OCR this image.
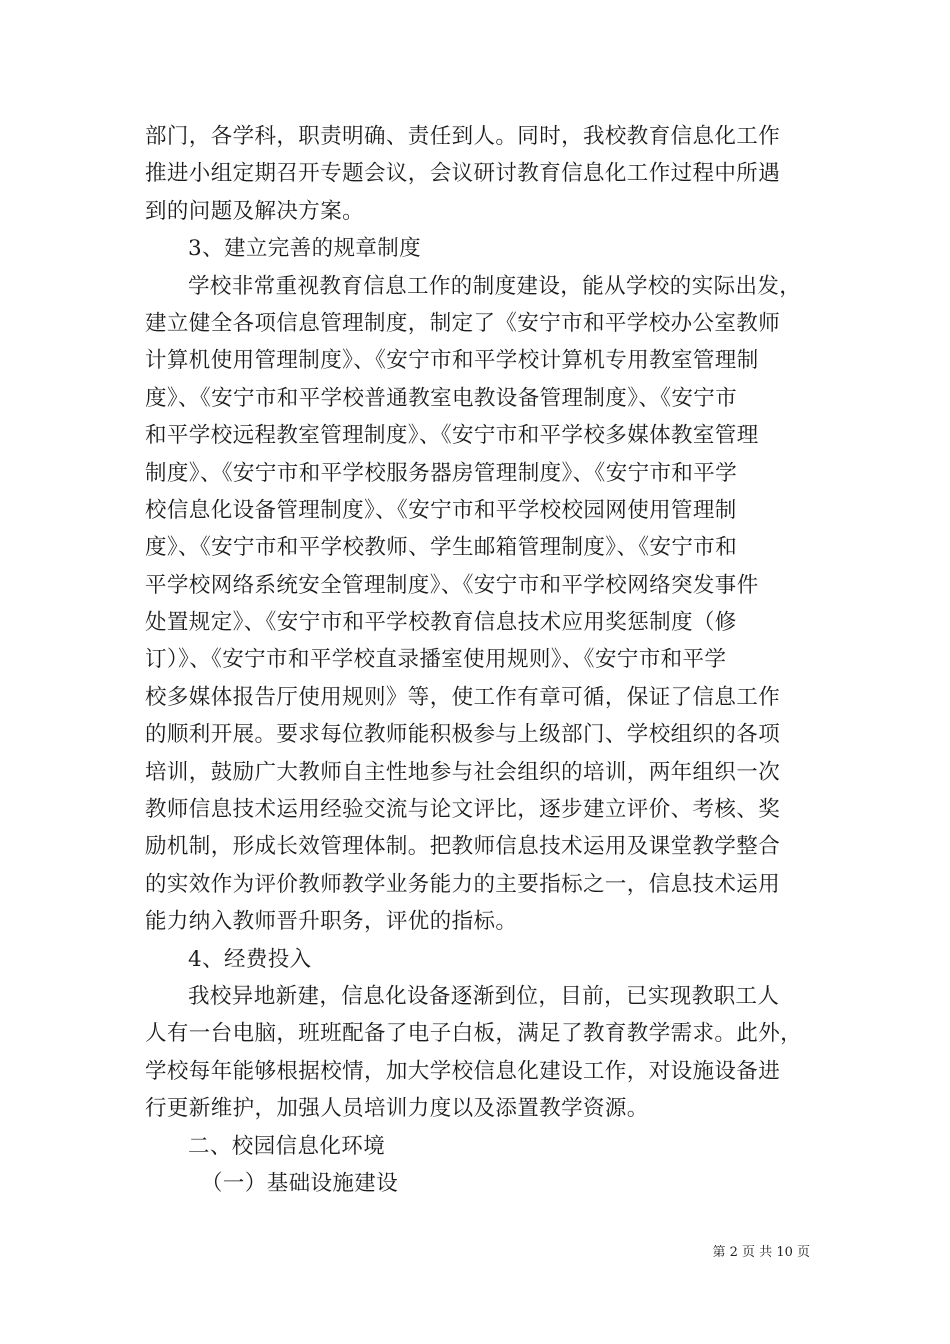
部门，各学科，职责明确、责任到人。同时，我校教育信息化工作
推进小组定期召开专题会议，会议研讨教育信息化工作过程中所遇
到的问题及解决方案。
3、建立完善的规章制度
学校非常重视教育信息工作的制度建设，能从学校的实际出发，
建立健全各项信息管理制度，制定了《安宁市和平学校办公室教师
计算机使用管理制度》、《安宁市和平学校计算机专用教室管理制
度》、《安宁市和平学校普通教室电教设备管理制度》、《安宁市
和平学校远程教室管理制度》、《安宁市和平学校多媒体教室管理
制度》、《安宁市和平学校服务器房管理制度》、《安宁市和平学
校信息化设备管理制度》、《安宁市和平学校校园网使用管理制
度》、《安宁市和平学校教师、学生邮箱管理制度》、《安宁市和
平学校网络系统安全管理制度》、《安宁市和平学校网络突发事件
处置规定》、《安宁市和平学校教育信息技术应用奖惩制度（修
订）》、《安宁市和平学校直录播室使用规则》、《安宁市和平学
校多媒体报告厅使用规则》等，使工作有章可循，保证了信息工作
的顺利开展。要求每位教师能积极参与上级部门、学校组织的各项
培训，鼓励广大教师自主性地参与社会组织的培训，两年组织一次
教师信息技术运用经验交流与论文评比，逐步建立评价、考核、奖
励机制，形成长效管理体制。把教师信息技术运用及课堂教学整合
的实效作为评价教师教学业务能力的主要指标之一，信息技术运用
能力纳入教师晋升职务，评优的指标。
4、经费投入
我校异地新建，信息化设备逐渐到位，目前，已实现教职工人
人有一台电脑，班班配备了电子白板，满足了教育教学需求。此外，
学校每年能够根据校情，加大学校信息化建设工作，对设施设备进
行更新维护，加强人员培训力度以及添置教学资源。
二、校园信息化环境
（一）基础设施建设
第 2 页 共 10 页
